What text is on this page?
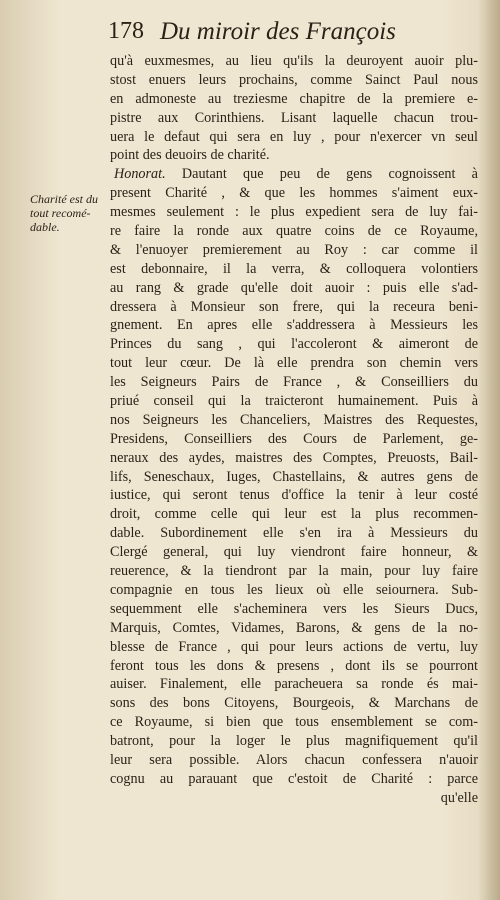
178 Du miroir des François
Charité est du
tout recomé-
dable.
qu'à euxmesmes, au lieu qu'ils la deuroyent auoir plu-
stost enuers leurs prochains, comme Sainct Paul nous
en admoneste au treziesme chapitre de la premiere e-
pistre aux Corinthiens. Lisant laquelle chacun trou-
uera le defaut qui sera en luy , pour n'exercer vn seul
point des deuoirs de charité.
Honorat. Dautant que peu de gens cognoissent à
present Charité , & que les hommes s'aiment eux-
mesmes seulement : le plus expedient sera de luy fai-
re faire la ronde aux quatre coins de ce Royaume,
& l'enuoyer premierement au Roy : car comme il
est debonnaire, il la verra, & colloquera volontiers
au rang & grade qu'elle doit auoir : puis elle s'ad-
dressera à Monsieur son frere, qui la receura beni-
gnement. En apres elle s'addressera à Messieurs les
Princes du sang , qui l'accoleront & aimeront de
tout leur cœur. De là elle prendra son chemin vers
les Seigneurs Pairs de France , & Conseilliers du
priué conseil qui la traicteront humainement. Puis à
nos Seigneurs les Chanceliers, Maistres des Requestes,
Presidens, Conseilliers des Cours de Parlement, ge-
neraux des aydes, maistres des Comptes, Preuosts, Bail-
lifs, Seneschaux, Iuges, Chastellains, & autres gens de
iustice, qui seront tenus d'office la tenir à leur costé
droit, comme celle qui leur est la plus recommen-
dable. Subordinement elle s'en ira à Messieurs du
Clergé general, qui luy viendront faire honneur, &
reuerence, & la tiendront par la main, pour luy faire
compagnie en tous les lieux où elle seiournera. Sub-
sequemment elle s'acheminera vers les Sieurs Ducs,
Marquis, Comtes, Vidames, Barons, & gens de la no-
blesse de France , qui pour leurs actions de vertu, luy
feront tous les dons & presens , dont ils se pourront
auiser. Finalement, elle paracheuera sa ronde és mai-
sons des bons Citoyens, Bourgeois, & Marchans de
ce Royaume, si bien que tous ensemblement se com-
batront, pour la loger le plus magnifiquement qu'il
leur sera possible. Alors chacun confessera n'auoir
cognu au parauant que c'estoit de Charité : parce
qu'elle
